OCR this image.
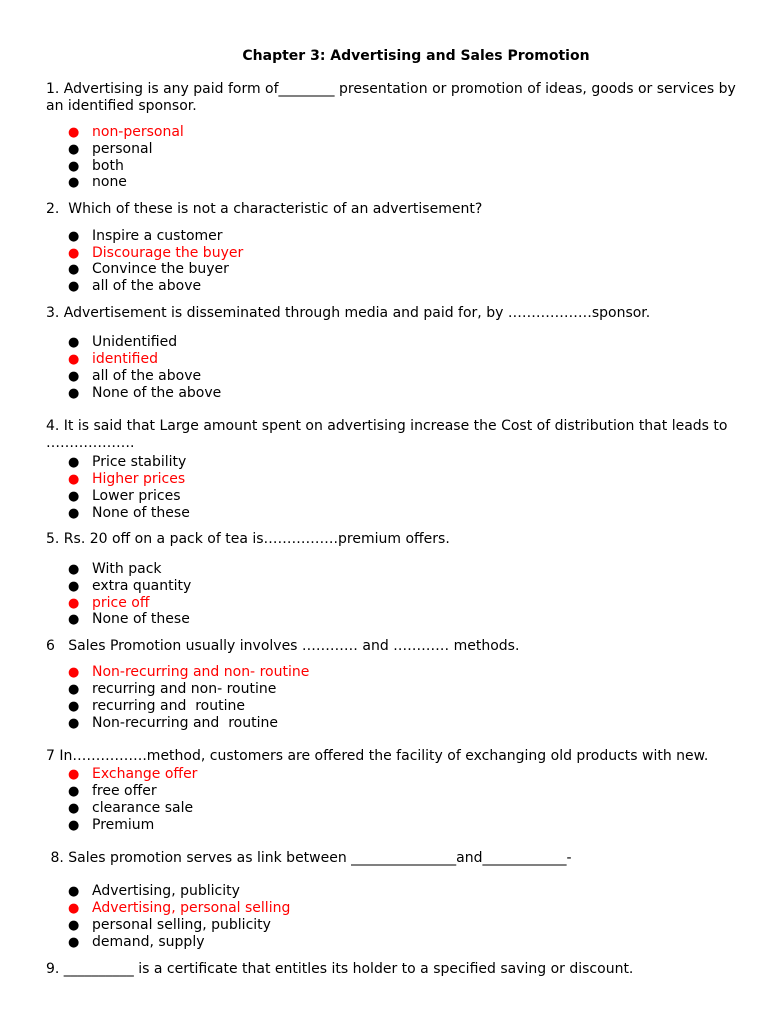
Chapter 3: Advertising and Sales Promotion
1. Advertising is any paid form of________ presentation or promotion of ideas, goods or services by an identified sponsor.
● non-personal
● personal
● both
● none
2.  Which of these is not a characteristic of an advertisement?
● Inspire a customer
● Discourage the buyer
● Convince the buyer
● all of the above
3. Advertisement is disseminated through media and paid for, by ………………sponsor.
● Unidentified
● identified
● all of the above
● None of the above
4. It is said that Large amount spent on advertising increase the Cost of distribution that leads to ……………….
● Price stability
● Higher prices
● Lower prices
● None of these
5. Rs. 20 off on a pack of tea is…………….premium offers.
● With pack
● extra quantity
● price off
● None of these
6   Sales Promotion usually involves ………… and ………… methods.
● Non-recurring and non- routine
● recurring and non- routine
● recurring and  routine
● Non-recurring and  routine
7 In…………….method, customers are offered the facility of exchanging old products with new.
● Exchange offer
● free offer
● clearance sale
● Premium
8. Sales promotion serves as link between _______________and____________-
● Advertising, publicity
● Advertising, personal selling
● personal selling, publicity
● demand, supply
9. __________ is a certificate that entitles its holder to a specified saving or discount.
